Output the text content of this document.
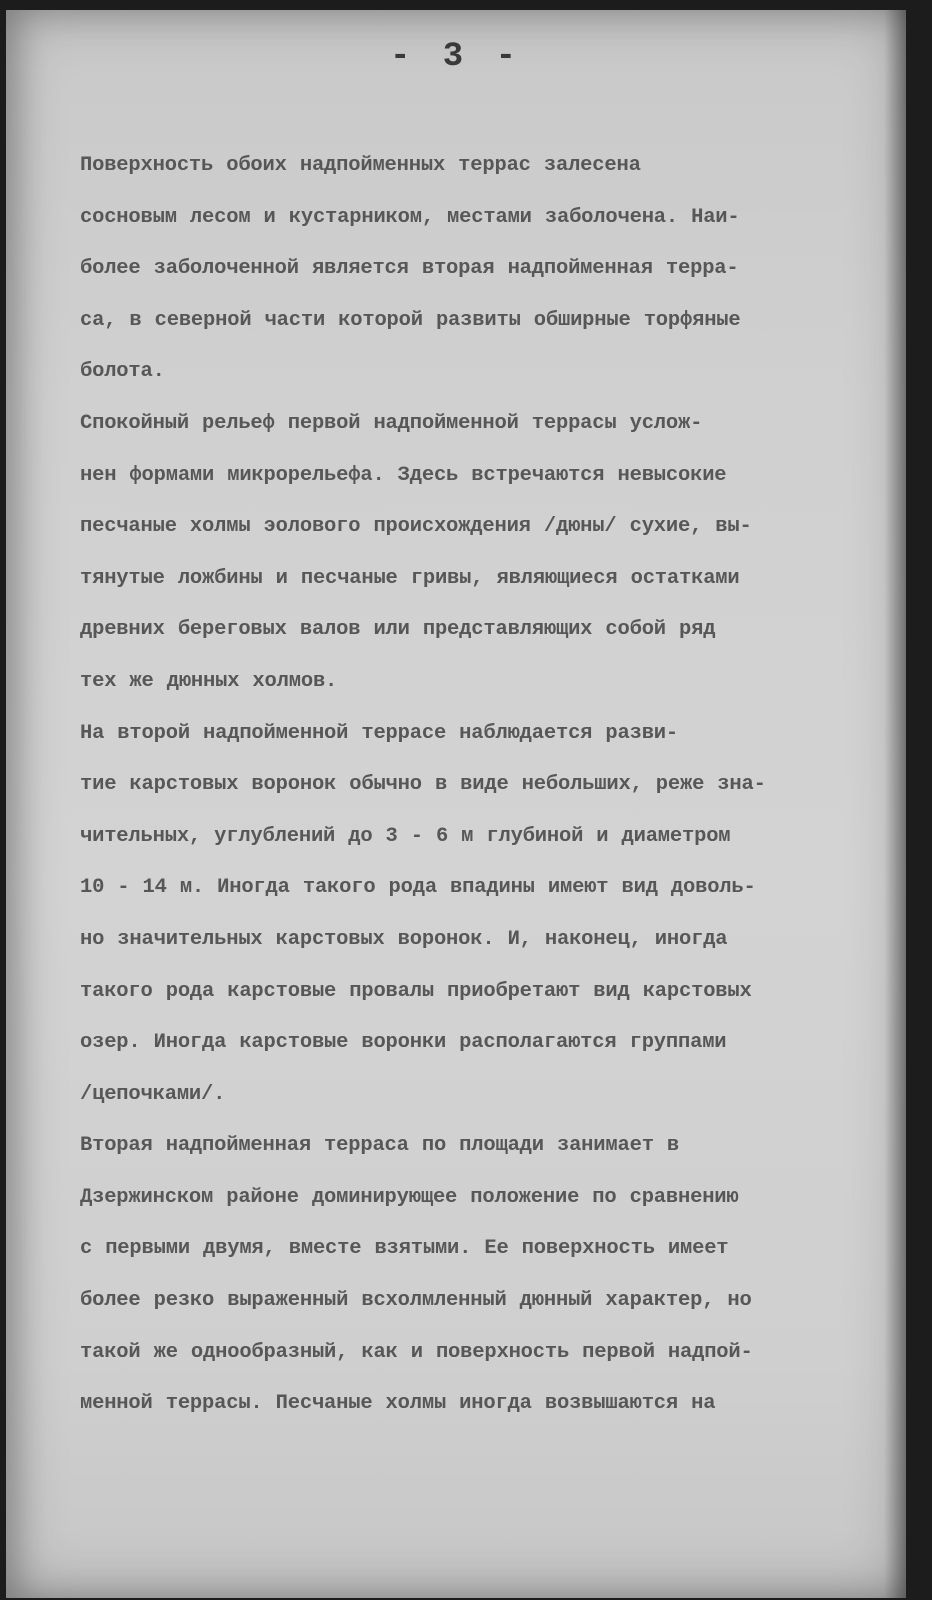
- 3 -
Поверхность обоих надпойменных террас залесена
сосновым лесом и кустарником, местами заболочена. Наи-
более заболоченной является вторая надпойменная терра-
са, в северной части которой развиты обширные торфяные
болота.
Спокойный рельеф первой надпойменной террасы услож-
нен формами микрорельефа. Здесь встречаются невысокие
песчаные холмы эолового происхождения /дюны/ сухие, вы-
тянутые ложбины и песчаные гривы, являющиеся остатками
древних береговых валов или представляющих собой ряд
тех же дюнных холмов.
На второй надпойменной террасе наблюдается разви-
тие карстовых воронок обычно в виде небольших, реже зна-
чительных, углублений до 3 - 6 м глубиной и диаметром
10 - 14 м. Иногда такого рода впадины имеют вид доволь-
но значительных карстовых воронок. И, наконец, иногда
такого рода карстовые провалы приобретают вид карстовых
озер. Иногда карстовые воронки располагаются группами
/цепочками/.
Вторая надпойменная терраса по площади занимает в
Дзержинском районе доминирующее положение по сравнению
с первыми двумя, вместе взятыми. Ее поверхность имеет
более резко выраженный всхолмленный дюнный характер, но
такой же однообразный, как и поверхность первой надпой-
менной террасы. Песчаные холмы иногда возвышаются на
